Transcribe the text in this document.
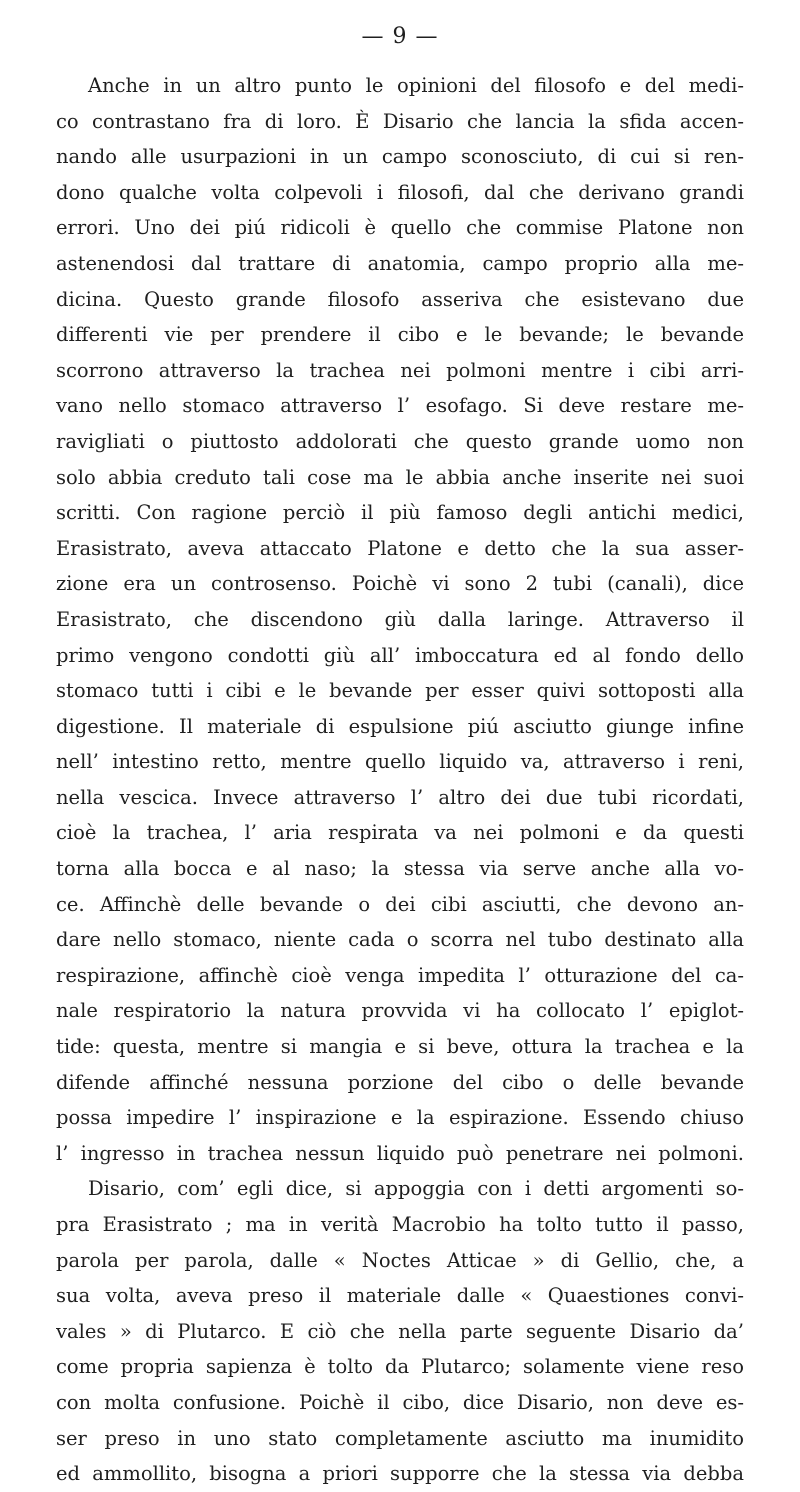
— 9 —
Anche in un altro punto le opinioni del filosofo e del medi-
co contrastano fra di loro. È Disario che lancia la sfida accen-
nando alle usurpazioni in un campo sconosciuto, di cui si ren-
dono qualche volta colpevoli i filosofi, dal che derivano grandi
errori. Uno dei piú ridicoli è quello che commise Platone non
astenendosi dal trattare di anatomia, campo proprio alla me-
dicina. Questo grande filosofo asseriva che esistevano due
differenti vie per prendere il cibo e le bevande; le bevande
scorrono attraverso la trachea nei polmoni mentre i cibi arri-
vano nello stomaco attraverso l’ esofago. Si deve restare me-
ravigliati o piuttosto addolorati che questo grande uomo non
solo abbia creduto tali cose ma le abbia anche inserite nei suoi
scritti. Con ragione perciò il più famoso degli antichi medici,
Erasistrato, aveva attaccato Platone e detto che la sua asser-
zione era un controsenso. Poichè vi sono 2 tubi (canali), dice
Erasistrato, che discendono giù dalla laringe. Attraverso il
primo vengono condotti giù all’ imboccatura ed al fondo dello
stomaco tutti i cibi e le bevande per esser quivi sottoposti alla
digestione. Il materiale di espulsione piú asciutto giunge infine
nell’ intestino retto, mentre quello liquido va, attraverso i reni,
nella vescica. Invece attraverso l’ altro dei due tubi ricordati,
cioè la trachea, l’ aria respirata va nei polmoni e da questi
torna alla bocca e al naso; la stessa via serve anche alla vo-
ce. Affinchè delle bevande o dei cibi asciutti, che devono an-
dare nello stomaco, niente cada o scorra nel tubo destinato alla
respirazione, affinchè cioè venga impedita l’ otturazione del ca-
nale respiratorio la natura provvida vi ha collocato l’ epiglot-
tide: questa, mentre si mangia e si beve, ottura la trachea e la
difende affinché nessuna porzione del cibo o delle bevande
possa impedire l’ inspirazione e la espirazione. Essendo chiuso
l’ ingresso in trachea nessun liquido può penetrare nei polmoni.
Disario, com’ egli dice, si appoggia con i detti argomenti so-
pra Erasistrato ; ma in verità Macrobio ha tolto tutto il passo,
parola per parola, dalle « Noctes Atticae » di Gellio, che, a
sua volta, aveva preso il materiale dalle « Quaestiones convi-
vales » di Plutarco. E ciò che nella parte seguente Disario da’
come propria sapienza è tolto da Plutarco; solamente viene reso
con molta confusione. Poichè il cibo, dice Disario, non deve es-
ser preso in uno stato completamente asciutto ma inumidito
ed ammollito, bisogna a priori supporre che la stessa via debba
